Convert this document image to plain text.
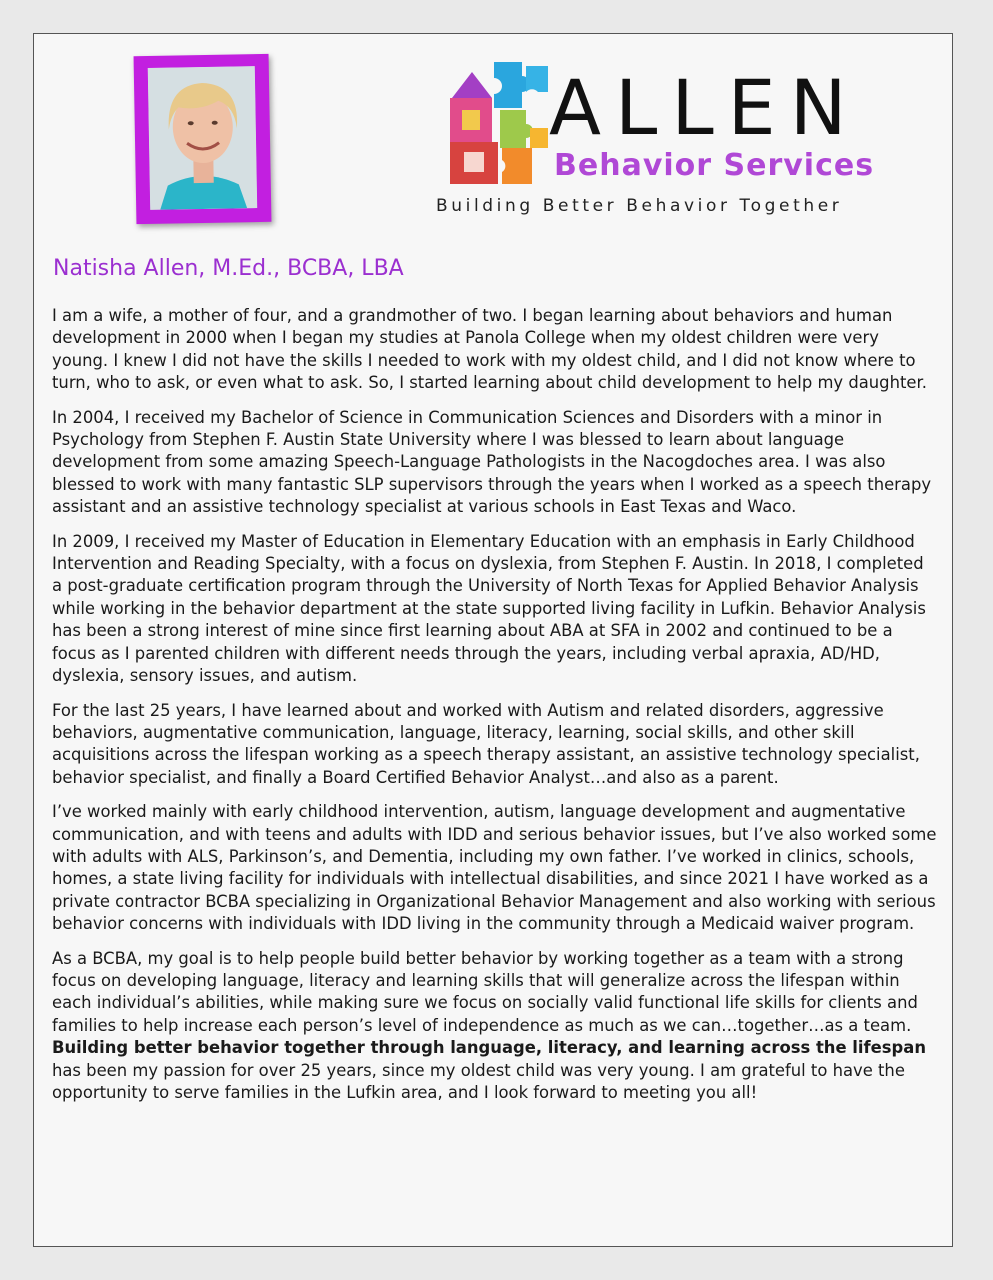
ALLEN
Behavior Services
Building Better Behavior Together
Natisha Allen, M.Ed., BCBA, LBA

I am a wife, a mother of four, and a grandmother of two. I began learning about behaviors and human development in 2000 when I began my studies at Panola College when my oldest children were very young. I knew I did not have the skills I needed to work with my oldest child, and I did not know where to turn, who to ask, or even what to ask. So, I started learning about child development to help my daughter.

In 2004, I received my Bachelor of Science in Communication Sciences and Disorders with a minor in Psychology from Stephen F. Austin State University where I was blessed to learn about language development from some amazing Speech-Language Pathologists in the Nacogdoches area. I was also blessed to work with many fantastic SLP supervisors through the years when I worked as a speech therapy assistant and an assistive technology specialist at various schools in East Texas and Waco.

In 2009, I received my Master of Education in Elementary Education with an emphasis in Early Childhood Intervention and Reading Specialty, with a focus on dyslexia, from Stephen F. Austin. In 2018, I completed a post-graduate certification program through the University of North Texas for Applied Behavior Analysis while working in the behavior department at the state supported living facility in Lufkin. Behavior Analysis has been a strong interest of mine since first learning about ABA at SFA in 2002 and continued to be a focus as I parented children with different needs through the years, including verbal apraxia, AD/HD, dyslexia, sensory issues, and autism.

For the last 25 years, I have learned about and worked with Autism and related disorders, aggressive behaviors, augmentative communication, language, literacy, learning, social skills, and other skill acquisitions across the lifespan working as a speech therapy assistant, an assistive technology specialist, behavior specialist, and finally a Board Certified Behavior Analyst…and also as a parent.

I’ve worked mainly with early childhood intervention, autism, language development and augmentative communication, and with teens and adults with IDD and serious behavior issues, but I’ve also worked some with adults with ALS, Parkinson’s, and Dementia, including my own father. I’ve worked in clinics, schools, homes, a state living facility for individuals with intellectual disabilities, and since 2021 I have worked as a private contractor BCBA specializing in Organizational Behavior Management and also working with serious behavior concerns with individuals with IDD living in the community through a Medicaid waiver program.

As a BCBA, my goal is to help people build better behavior by working together as a team with a strong focus on developing language, literacy and learning skills that will generalize across the lifespan within each individual’s abilities, while making sure we focus on socially valid functional life skills for clients and families to help increase each person’s level of independence as much as we can…together…as a team. Building better behavior together through language, literacy, and learning across the lifespan has been my passion for over 25 years, since my oldest child was very young. I am grateful to have the opportunity to serve families in the Lufkin area, and I look forward to meeting you all!
